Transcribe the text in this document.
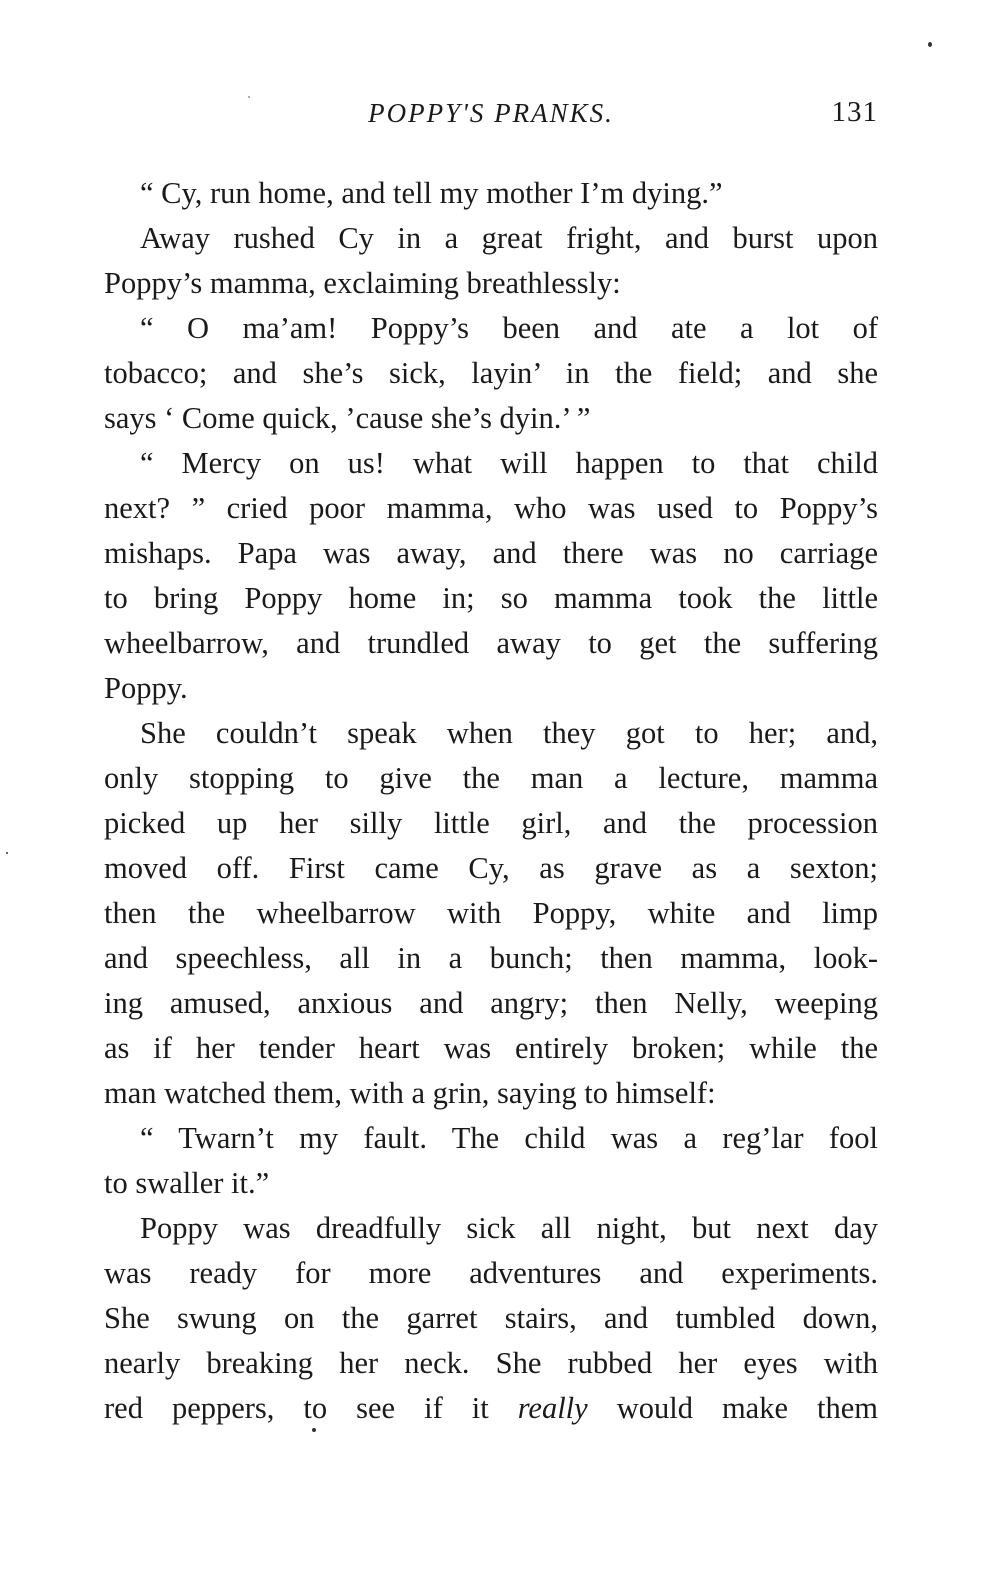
POPPY'S PRANKS.	131
“ Cy, run home, and tell my mother I’m dying.”
Away rushed Cy in a great fright, and burst upon
Poppy’s mamma, exclaiming breathlessly:
“ O ma’am! Poppy’s been and ate a lot of
tobacco; and she’s sick, layin’ in the field; and she
says ‘ Come quick, ’cause she’s dyin.’ ”
“ Mercy on us! what will happen to that child
next? ” cried poor mamma, who was used to Poppy’s
mishaps. Papa was away, and there was no carriage
to bring Poppy home in; so mamma took the little
wheelbarrow, and trundled away to get the suffering
Poppy.
She couldn’t speak when they got to her; and,
only stopping to give the man a lecture, mamma
picked up her silly little girl, and the procession
moved off. First came Cy, as grave as a sexton;
then the wheelbarrow with Poppy, white and limp
and speechless, all in a bunch; then mamma, look-
ing amused, anxious and angry; then Nelly, weeping
as if her tender heart was entirely broken; while the
man watched them, with a grin, saying to himself:
“ Twarn’t my fault. The child was a reg’lar fool
to swaller it.”
Poppy was dreadfully sick all night, but next day
was ready for more adventures and experiments.
She swung on the garret stairs, and tumbled down,
nearly breaking her neck. She rubbed her eyes with
red peppers, to see if it really would make them
